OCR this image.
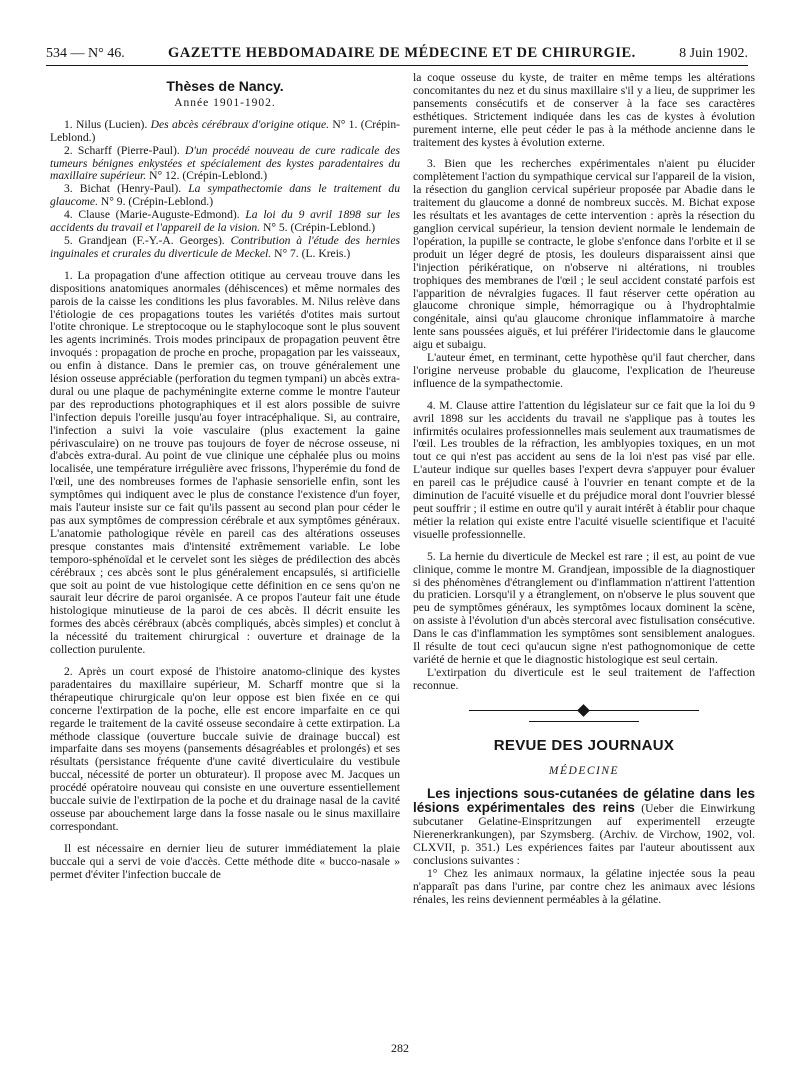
534 — N° 46.	GAZETTE HEBDOMADAIRE DE MÉDECINE ET DE CHIRURGIE.	8 Juin 1902.
Thèses de Nancy.
Année 1901-1902.

1. Nilus (Lucien). Des abcès cérébraux d'origine otique. N° 1. (Crépin-Leblond.)

2. Scharff (Pierre-Paul). D'un procédé nouveau de cure radicale des tumeurs bénignes enkystées et spécialement des kystes paradentaires du maxillaire supérieur. N° 12. (Crépin-Leblond.)

3. Bichat (Henry-Paul). La sympathectomie dans le traitement du glaucome. N° 9. (Crépin-Leblond.)

4. Clause (Marie-Auguste-Edmond). La loi du 9 avril 1898 sur les accidents du travail et l'appareil de la vision. N° 5. (Crépin-Leblond.)

5. Grandjean (F.-Y.-A. Georges). Contribution à l'étude des hernies inguinales et crurales du diverticule de Meckel. N° 7. (L. Kreis.)

1. La propagation d'une affection otitique au cerveau trouve dans les dispositions anatomiques anormales (déhiscences) et même normales des parois de la caisse les conditions les plus favorables. M. Nilus relève dans l'étiologie de ces propagations toutes les variétés d'otites mais surtout l'otite chronique. Le streptocoque ou le staphylocoque sont le plus souvent les agents incriminés. Trois modes principaux de propagation peuvent être invoqués : propagation de proche en proche, propagation par les vaisseaux, ou enfin à distance. Dans le premier cas, on trouve généralement une lésion osseuse appréciable (perforation du tegmen tympani) un abcès extra-dural ou une plaque de pachyméningite externe comme le montre l'auteur par des reproductions photographiques et il est alors possible de suivre l'infection depuis l'oreille jusqu'au foyer intracéphalique. Si, au contraire, l'infection a suivi la voie vasculaire (plus exactement la gaine périvasculaire) on ne trouve pas toujours de foyer de nécrose osseuse, ni d'abcès extra-dural. Au point de vue clinique une céphalée plus ou moins localisée, une température irrégulière avec frissons, l'hyperémie du fond de l'œil, une des nombreuses formes de l'aphasie sensorielle enfin, sont les symptômes qui indiquent avec le plus de constance l'existence d'un foyer, mais l'auteur insiste sur ce fait qu'ils passent au second plan pour céder le pas aux symptômes de compression cérébrale et aux symptômes généraux. L'anatomie pathologique révèle en pareil cas des altérations osseuses presque constantes mais d'intensité extrêmement variable. Le lobe temporo-sphénoïdal et le cervelet sont les sièges de prédilection des abcès cérébraux ; ces abcès sont le plus généralement encapsulés, si artificielle que soit au point de vue histologique cette définition en ce sens qu'on ne saurait leur décrire de paroi organisée. A ce propos l'auteur fait une étude histologique minutieuse de la paroi de ces abcès. Il décrit ensuite les formes des abcès cérébraux (abcès compliqués, abcès simples) et conclut à la nécessité du traitement chirurgical : ouverture et drainage de la collection purulente.

2. Après un court exposé de l'histoire anatomo-clinique des kystes paradentaires du maxillaire supérieur, M. Scharff montre que si la thérapeutique chirurgicale qu'on leur oppose est bien fixée en ce qui concerne l'extirpation de la poche, elle est encore imparfaite en ce qui regarde le traitement de la cavité osseuse secondaire à cette extirpation. La méthode classique (ouverture buccale suivie de drainage buccal) est imparfaite dans ses moyens (pansements désagréables et prolongés) et ses résultats (persistance fréquente d'une cavité diverticulaire du vestibule buccal, nécessité de porter un obturateur). Il propose avec M. Jacques un procédé opératoire nouveau qui consiste en une ouverture essentiellement buccale suivie de l'extirpation de la poche et du drainage nasal de la cavité osseuse par abouchement large dans la fosse nasale ou le sinus maxillaire correspondant.

Il est nécessaire en dernier lieu de suturer immédiatement la plaie buccale qui a servi de voie d'accès. Cette méthode dite « bucco-nasale » permet d'éviter l'infection buccale de

la coque osseuse du kyste, de traiter en même temps les altérations concomitantes du nez et du sinus maxillaire s'il y a lieu, de supprimer les pansements consécutifs et de conserver à la face ses caractères esthétiques. Strictement indiquée dans les cas de kystes à évolution purement interne, elle peut céder le pas à la méthode ancienne dans le traitement des kystes à évolution externe.

3. Bien que les recherches expérimentales n'aient pu élucider complètement l'action du sympathique cervical sur l'appareil de la vision, la résection du ganglion cervical supérieur proposée par Abadie dans le traitement du glaucome a donné de nombreux succès. M. Bichat expose les résultats et les avantages de cette intervention : après la résection du ganglion cervical supérieur, la tension devient normale le lendemain de l'opération, la pupille se contracte, le globe s'enfonce dans l'orbite et il se produit un léger degré de ptosis, les douleurs disparaissent ainsi que l'injection périkératique, on n'observe ni altérations, ni troubles trophiques des membranes de l'œil ; le seul accident constaté parfois est l'apparition de névralgies fugaces. Il faut réserver cette opération au glaucome chronique simple, hémorragique ou à l'hydrophtalmie congénitale, ainsi qu'au glaucome chronique inflammatoire à marche lente sans poussées aiguës, et lui préférer l'iridectomie dans le glaucome aigu et subaigu.

L'auteur émet, en terminant, cette hypothèse qu'il faut chercher, dans l'origine nerveuse probable du glaucome, l'explication de l'heureuse influence de la sympathectomie.

4. M. Clause attire l'attention du législateur sur ce fait que la loi du 9 avril 1898 sur les accidents du travail ne s'applique pas à toutes les infirmités oculaires professionnelles mais seulement aux traumatismes de l'œil. Les troubles de la réfraction, les amblyopies toxiques, en un mot tout ce qui n'est pas accident au sens de la loi n'est pas visé par elle. L'auteur indique sur quelles bases l'expert devra s'appuyer pour évaluer en pareil cas le préjudice causé à l'ouvrier en tenant compte et de la diminution de l'acuité visuelle et du préjudice moral dont l'ouvrier blessé peut souffrir ; il estime en outre qu'il y aurait intérêt à établir pour chaque métier la relation qui existe entre l'acuité visuelle scientifique et l'acuité visuelle professionnelle.

5. La hernie du diverticule de Meckel est rare ; il est, au point de vue clinique, comme le montre M. Grandjean, impossible de la diagnostiquer si des phénomènes d'étranglement ou d'inflammation n'attirent l'attention du praticien. Lorsqu'il y a étranglement, on n'observe le plus souvent que peu de symptômes généraux, les symptômes locaux dominent la scène, on assiste à l'évolution d'un abcès stercoral avec fistulisation consécutive. Dans le cas d'inflammation les symptômes sont sensiblement analogues. Il résulte de tout ceci qu'aucun signe n'est pathognomonique de cette variété de hernie et que le diagnostic histologique est seul certain.

L'extirpation du diverticule est le seul traitement de l'affection reconnue.

REVUE DES JOURNAUX
MÉDECINE

Les injections sous-cutanées de gélatine dans les lésions expérimentales des reins (Ueber die Einwirkung subcutaner Gelatine-Einspritzungen auf experimentell erzeugte Nierenerkrankungen), par Szymsberg. (Archiv. de Virchow, 1902, vol. CLXVII, p. 351.) Les expériences faites par l'auteur aboutissent aux conclusions suivantes :

1° Chez les animaux normaux, la gélatine injectée sous la peau n'apparaît pas dans l'urine, par contre chez les animaux avec lésions rénales, les reins deviennent perméables à la gélatine.

282
